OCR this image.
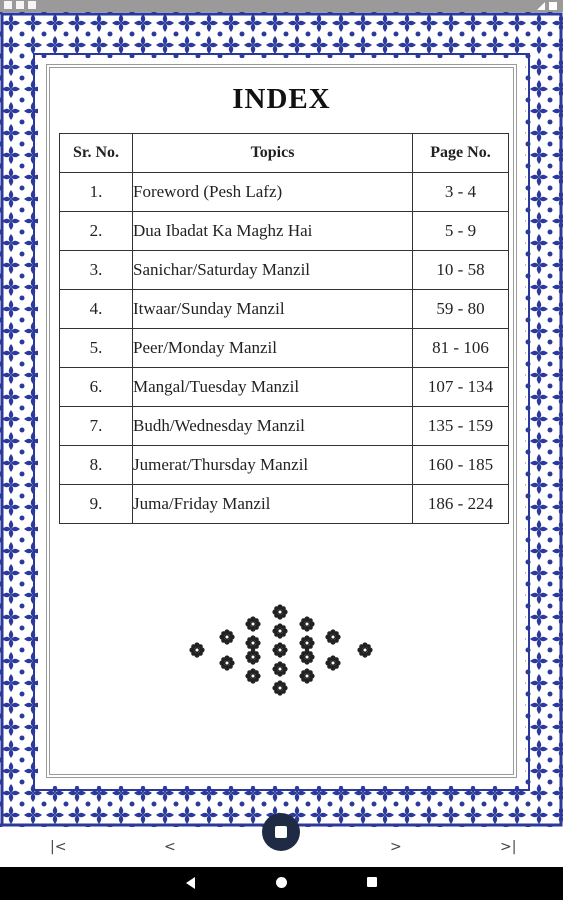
INDEX
Sr. No.	Topics	Page No.
1.	Foreword (Pesh Lafz)	3 - 4
2.	Dua Ibadat Ka Maghz Hai	5 - 9
3.	Sanichar/Saturday Manzil	10 - 58
4.	Itwaar/Sunday Manzil	59 - 80
5.	Peer/Monday Manzil	81 - 106
6.	Mangal/Tuesday Manzil	107 - 134
7.	Budh/Wednesday Manzil	135 - 159
8.	Jumerat/Thursday Manzil	160 - 185
9.	Juma/Friday Manzil	186 - 224
|<	<	>	>|
